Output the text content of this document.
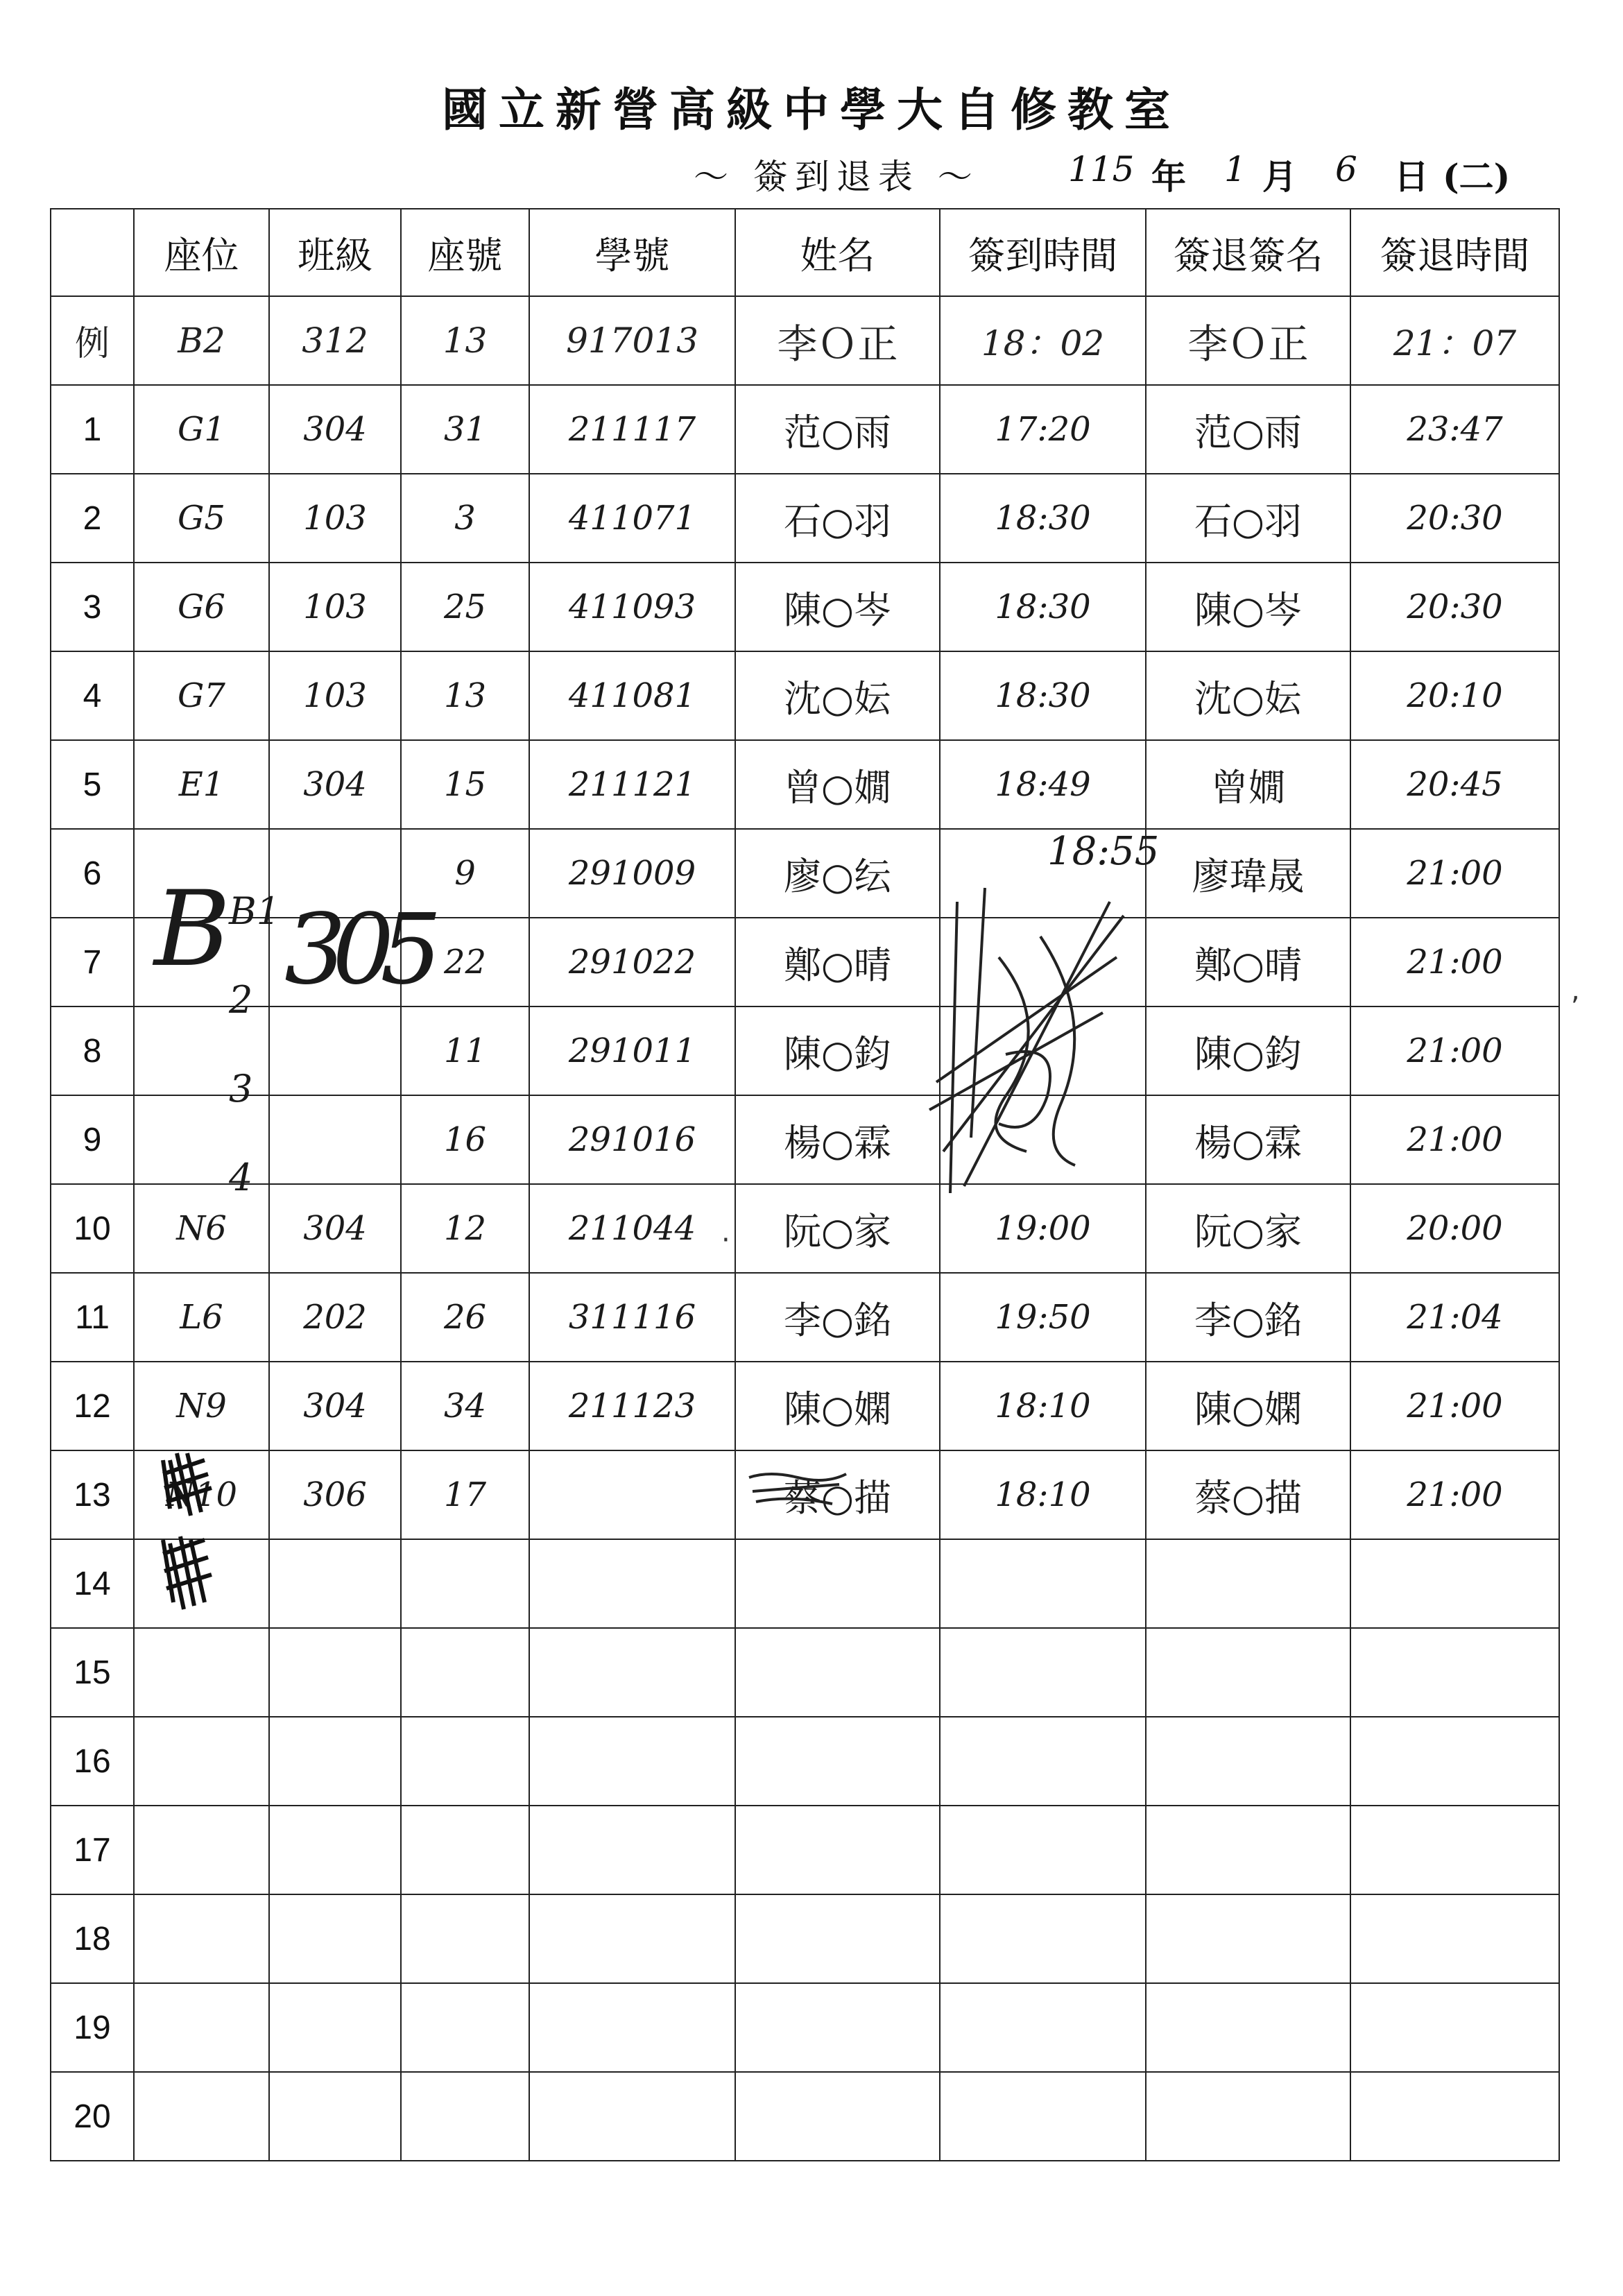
國立新營高級中學大自修教室
～ 簽到退表 ～	115 年 1 月 6 日 (二)
	座位	班級	座號	學號	姓名	簽到時間	簽退簽名	簽退時間
例	B2	312	13	917013	李Ｏ正	18：02	李Ｏ正	21：07
1	G1	304	31	211117	范○雨	17:20	范○雨	23:47
2	G5	103	3	411071	石○羽	18:30	石○羽	20:30
3	G6	103	25	411093	陳○岑	18:30	陳○岑	20:30
4	G7	103	13	411081	沈○妘	18:30	沈○妘	20:10
5	E1	304	15	211121	曾○嫺	18:49	曾嫺	20:45
6			9	291009	廖○纭		廖瑋晟	21:00
7			22	291022	鄭○晴		鄭○晴	21:00
8			11	291011	陳○鈞		陳○鈞	21:00
9			16	291016	楊○霖		楊○霖	21:00
10	N6	304	12	211044	阮○家	19:00	阮○家	20:00
11	L6	202	26	311116	李○銘	19:50	李○銘	21:04
12	N9	304	34	211123	陳○嫻	18:10	陳○嫻	21:00
13	N10	306	17		蔡○描	18:10	蔡○描	21:00
14								
15								
16								
17								
18								
19								
20								
B
B1 2 3 4
305
18:55
·
,
